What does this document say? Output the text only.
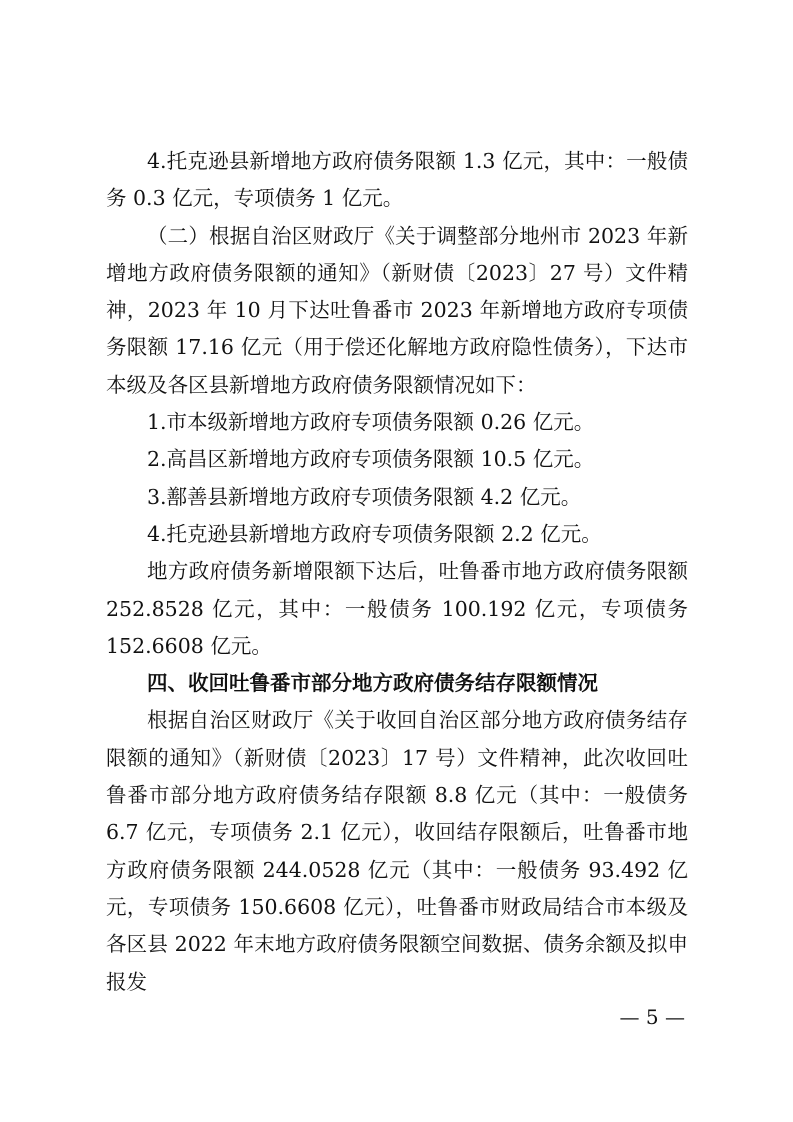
4.托克逊县新增地方政府债务限额 1.3 亿元，其中：一般债务 0.3 亿元，专项债务 1 亿元。

（二）根据自治区财政厅《关于调整部分地州市 2023 年新增地方政府债务限额的通知》（新财债〔2023〕27 号）文件精神，2023 年 10 月下达吐鲁番市 2023 年新增地方政府专项债务限额 17.16 亿元（用于偿还化解地方政府隐性债务），下达市本级及各区县新增地方政府债务限额情况如下：

1.市本级新增地方政府专项债务限额 0.26 亿元。

2.高昌区新增地方政府专项债务限额 10.5 亿元。

3.鄯善县新增地方政府专项债务限额 4.2 亿元。

4.托克逊县新增地方政府专项债务限额 2.2 亿元。

地方政府债务新增限额下达后，吐鲁番市地方政府债务限额 252.8528 亿元，其中：一般债务 100.192 亿元，专项债务 152.6608 亿元。

四、收回吐鲁番市部分地方政府债务结存限额情况

根据自治区财政厅《关于收回自治区部分地方政府债务结存限额的通知》（新财债〔2023〕17 号）文件精神，此次收回吐鲁番市部分地方政府债务结存限额 8.8 亿元（其中：一般债务 6.7 亿元，专项债务 2.1 亿元），收回结存限额后，吐鲁番市地方政府债务限额 244.0528 亿元（其中：一般债务 93.492 亿元，专项债务 150.6608 亿元），吐鲁番市财政局结合市本级及各区县 2022 年末地方政府债务限额空间数据、债务余额及拟申报发

— 5 —
